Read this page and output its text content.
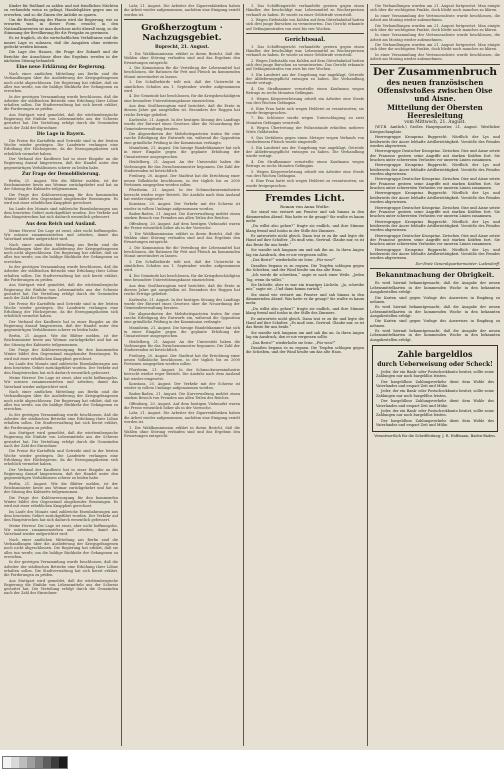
Kinder für Rußland zu zahlen und mit feindlichen Mächten zu verhandeln wenn es gelingt, Handelsplätze gegen uns zu erwerben, und so die Zinsen der Anleihe zu sparen.

Um die Bewilligung des Planes wird die Regierung, wie zu erwarten war, in dieser Form ersucht; in den Nationalkonventen ist man durchaus nicht überall einig, so die Stimmung der Bevölkerung für die Freigabe zu gewinnen.

Es ist fraglich, ob die wirtschaftlichen Verhältnisse und die innere Lage es zulassen, daß die Ausgaben ohne weiteres gedeckt werden können.

Die Lage des Hauses, die Frage der Zukunft und die Berichte der Ausschüsse über das Ergebnis werden in der nächsten Sitzung behandelt.

Eine neue Erklärung der Regierung.

Nach einer amtlichen Mitteilung aus Berlin sind die Verhandlungen über die Auslieferung der Kriegsgefangenen noch nicht abgeschlossen. Die Regierung hat erklärt, daß sie alles tun werde, um die baldige Rückkehr der Gefangenen zu erreichen.

In der gestrigen Versammlung wurde beschlossen, daß die Arbeiter der städtischen Betriebe eine Erhöhung ihrer Löhne erhalten sollen. Die Stadtverwaltung hat sich bereit erklärt, die Forderungen zu prüfen.

Aus Stuttgart wird gemeldet, daß die württembergische Regierung die Einfuhr von Lebensmitteln aus der Schweiz gestattet hat. Die Verteilung erfolgt durch die Gemeinden nach der Zahl der Einwohner.

Die Lage in Bayern.

Die Preise für Kartoffeln und Getreide sind in der letzten Woche wieder gestiegen. Die Landwirte verlangen eine Erhöhung der Höchstpreise, da die Erzeugungskosten sich erheblich vermehrt haben.

Der Verband der Kaufleute hat in einer Eingabe an die Regierung darauf hingewiesen, daß der Handel unter den gegenwärtigen Verhältnissen schwer zu leiden habe.

Zur Frage der Demobilisierung.

Berlin, 21. August. Wie die Blätter melden, ist der Reichsminister heute aus Weimar zurückgekehrt und hat an der Sitzung des Kabinetts teilgenommen.

Die Frage der Kohlenversorgung für den kommenden Winter bildet den Gegenstand eingehender Beratungen. Es wird mit einer erheblichen Knappheit gerechnet.

Im Laufe des Monats sind zahlreiche Eisenbahnwagen aus dem besetzten Gebiet zurückgeführt worden. Der Verkehr auf den Hauptstrecken hat sich dadurch wesentlich gebessert.

Aus dem Reich und Ausland.

Meine Herren! Die Lage ist ernst, aber nicht hoffnungslos. Wir müssen zusammenstehen und arbeiten, damit das Vaterland wieder aufgerichtet wird.

Nach einer amtlichen Mitteilung aus Berlin sind die Verhandlungen über die Auslieferung der Kriegsgefangenen noch nicht abgeschlossen. Die Regierung hat erklärt, daß sie alles tun werde, um die baldige Rückkehr der Gefangenen zu erreichen.

In der gestrigen Versammlung wurde beschlossen, daß die Arbeiter der städtischen Betriebe eine Erhöhung ihrer Löhne erhalten sollen. Die Stadtverwaltung hat sich bereit erklärt, die Forderungen zu prüfen.

Aus Stuttgart wird gemeldet, daß die württembergische Regierung die Einfuhr von Lebensmitteln aus der Schweiz gestattet hat. Die Verteilung erfolgt durch die Gemeinden nach der Zahl der Einwohner.

Die Preise für Kartoffeln und Getreide sind in der letzten Woche wieder gestiegen. Die Landwirte verlangen eine Erhöhung der Höchstpreise, da die Erzeugungskosten sich erheblich vermehrt haben.

Der Verband der Kaufleute hat in einer Eingabe an die Regierung darauf hingewiesen, daß der Handel unter den gegenwärtigen Verhältnissen schwer zu leiden habe.

Berlin, 21. August. Wie die Blätter melden, ist der Reichsminister heute aus Weimar zurückgekehrt und hat an der Sitzung des Kabinetts teilgenommen.

Die Frage der Kohlenversorgung für den kommenden Winter bildet den Gegenstand eingehender Beratungen. Es wird mit einer erheblichen Knappheit gerechnet.

Im Laufe des Monats sind zahlreiche Eisenbahnwagen aus dem besetzten Gebiet zurückgeführt worden. Der Verkehr auf den Hauptstrecken hat sich dadurch wesentlich gebessert.

Meine Herren! Die Lage ist ernst, aber nicht hoffnungslos. Wir müssen zusammenstehen und arbeiten, damit das Vaterland wieder aufgerichtet wird.

Nach einer amtlichen Mitteilung aus Berlin sind die Verhandlungen über die Auslieferung der Kriegsgefangenen noch nicht abgeschlossen. Die Regierung hat erklärt, daß sie alles tun werde, um die baldige Rückkehr der Gefangenen zu erreichen.

In der gestrigen Versammlung wurde beschlossen, daß die Arbeiter der städtischen Betriebe eine Erhöhung ihrer Löhne erhalten sollen. Die Stadtverwaltung hat sich bereit erklärt, die Forderungen zu prüfen.

Aus Stuttgart wird gemeldet, daß die württembergische Regierung die Einfuhr von Lebensmitteln aus der Schweiz gestattet hat. Die Verteilung erfolgt durch die Gemeinden nach der Zahl der Einwohner.

Die Preise für Kartoffeln und Getreide sind in der letzten Woche wieder gestiegen. Die Landwirte verlangen eine Erhöhung der Höchstpreise, da die Erzeugungskosten sich erheblich vermehrt haben.

Der Verband der Kaufleute hat in einer Eingabe an die Regierung darauf hingewiesen, daß der Handel unter den gegenwärtigen Verhältnissen schwer zu leiden habe.

Berlin, 21. August. Wie die Blätter melden, ist der Reichsminister heute aus Weimar zurückgekehrt und hat an der Sitzung des Kabinetts teilgenommen.

Die Frage der Kohlenversorgung für den kommenden Winter bildet den Gegenstand eingehender Beratungen. Es wird mit einer erheblichen Knappheit gerechnet.

Im Laufe des Monats sind zahlreiche Eisenbahnwagen aus dem besetzten Gebiet zurückgeführt worden. Der Verkehr auf den Hauptstrecken hat sich dadurch wesentlich gebessert.

Meine Herren! Die Lage ist ernst, aber nicht hoffnungslos. Wir müssen zusammenstehen und arbeiten, damit das Vaterland wieder aufgerichtet wird.

Nach einer amtlichen Mitteilung aus Berlin sind die Verhandlungen über die Auslieferung der Kriegsgefangenen noch nicht abgeschlossen. Die Regierung hat erklärt, daß sie alles tun werde, um die baldige Rückkehr der Gefangenen zu erreichen.

In der gestrigen Versammlung wurde beschlossen, daß die Arbeiter der städtischen Betriebe eine Erhöhung ihrer Löhne erhalten sollen. Die Stadtverwaltung hat sich bereit erklärt, die Forderungen zu prüfen.

Aus Stuttgart wird gemeldet, daß die württembergische Regierung die Einfuhr von Lebensmitteln aus der Schweiz gestattet hat. Die Verteilung erfolgt durch die Gemeinden nach der Zahl der Einwohner.

Lahr, 21. August. Die Arbeiter der Zigarrenfabriken haben die Arbeit wieder aufgenommen, nachdem eine Einigung erzielt worden ist.

Großherzogtum · Nachzugsgebiet.
Ruprecht, 21. August.

1. Die Wahlkommission erklärt in ihrem Bericht, daß die Wahlen ohne Störung verlaufen sind und das Ergebnis den Erwartungen entspricht.

2. Die Kommission für die Verteilung der Lebensmittel hat beschlossen, die Rationen für Fett und Fleisch im kommenden Monat unverändert zu lassen.

3. Die Schulbehörde teilt mit, daß der Unterricht in sämtlichen Schulen am 1. September wieder aufgenommen wird.

4. Die Gemeinde hat beschlossen, für die Kriegsbeschädigten eine besondere Unterstützungskasse einzurichten.

Aus dem Großherzogtum wird berichtet, daß die Ernte in diesem Jahre gut ausgefallen ist. Besonders der Roggen hat reiche Erträge geliefert.

Karlsruhe, 21. August. In der heutigen Sitzung des Landtags wurde der Entwurf eines Gesetzes über die Neuordnung der Gemeindeverwaltung beraten.

Die Abgeordneten der Mehrheitsparteien traten für eine rasche Erledigung des Entwurfs ein, während die Opposition eine gründliche Prüfung in der Kommission verlangte.

Mannheim, 21. August. Die hiesige Handelskammer hat sich in einer Eingabe gegen die geplante Erhöhung der Umsatzsteuer ausgesprochen.

Heidelberg, 21. August. An der Universität haben die Vorlesungen für das Zwischensemester begonnen. Die Zahl der Studierenden ist beträchtlich.

Freiburg, 20. August. Der Stadtrat hat die Errichtung einer neuen Volksküche beschlossen, in der täglich bis zu 2000 Portionen ausgegeben werden sollen.

Pforzheim, 21. August. In der Schmuckwarenindustrie herrscht wieder reger Betrieb. Die Ausfuhr nach dem Ausland hat wieder eingesetzt.

Konstanz, 20. August. Der Verkehr mit der Schweiz ist wieder in vollem Umfange aufgenommen worden.

Baden-Baden, 21. August. Die Kurverwaltung meldet einen starken Besuch von Fremden aus allen Teilen des Reiches.

Offenburg, 20. August. Auf dem heutigen Viehmarkt waren die Preise wesentlich höher als in der Vorwoche.

1. Die Wahlkommission erklärt in ihrem Bericht, daß die Wahlen ohne Störung verlaufen sind und das Ergebnis den Erwartungen entspricht.

2. Die Kommission für die Verteilung der Lebensmittel hat beschlossen, die Rationen für Fett und Fleisch im kommenden Monat unverändert zu lassen.

3. Die Schulbehörde teilt mit, daß der Unterricht in sämtlichen Schulen am 1. September wieder aufgenommen wird.

4. Die Gemeinde hat beschlossen, für die Kriegsbeschädigten eine besondere Unterstützungskasse einzurichten.

Aus dem Großherzogtum wird berichtet, daß die Ernte in diesem Jahre gut ausgefallen ist. Besonders der Roggen hat reiche Erträge geliefert.

Karlsruhe, 21. August. In der heutigen Sitzung des Landtags wurde der Entwurf eines Gesetzes über die Neuordnung der Gemeindeverwaltung beraten.

Die Abgeordneten der Mehrheitsparteien traten für eine rasche Erledigung des Entwurfs ein, während die Opposition eine gründliche Prüfung in der Kommission verlangte.

Mannheim, 21. August. Die hiesige Handelskammer hat sich in einer Eingabe gegen die geplante Erhöhung der Umsatzsteuer ausgesprochen.

Heidelberg, 21. August. An der Universität haben die Vorlesungen für das Zwischensemester begonnen. Die Zahl der Studierenden ist beträchtlich.

Freiburg, 20. August. Der Stadtrat hat die Errichtung einer neuen Volksküche beschlossen, in der täglich bis zu 2000 Portionen ausgegeben werden sollen.

Pforzheim, 21. August. In der Schmuckwarenindustrie herrscht wieder reger Betrieb. Die Ausfuhr nach dem Ausland hat wieder eingesetzt.

Konstanz, 20. August. Der Verkehr mit der Schweiz ist wieder in vollem Umfange aufgenommen worden.

Baden-Baden, 21. August. Die Kurverwaltung meldet einen starken Besuch von Fremden aus allen Teilen des Reiches.

Offenburg, 20. August. Auf dem heutigen Viehmarkt waren die Preise wesentlich höher als in der Vorwoche.

Lahr, 21. August. Die Arbeiter der Zigarrenfabriken haben die Arbeit wieder aufgenommen, nachdem eine Einigung erzielt worden ist.

1. Die Wahlkommission erklärt in ihrem Bericht, daß die Wahlen ohne Störung verlaufen sind und das Ergebnis den Erwartungen entspricht.

1. Das Schöffengericht verhandelte gestern gegen einen Händler, der beschuldigt war, Lebensmittel zu Wucherpreisen verkauft zu haben. Er wurde zu einer Geldstrafe verurteilt.

2. Wegen Diebstahls von Kohlen auf dem Güterbahnhof hatten sich drei junge Burschen zu verantworten. Das Gericht erkannte auf Gefängnisstrafen von zwei bis vier Wochen.

Gerichtssaal.

1. Das Schöffengericht verhandelte gestern gegen einen Händler, der beschuldigt war, Lebensmittel zu Wucherpreisen verkauft zu haben. Er wurde zu einer Geldstrafe verurteilt.

2. Wegen Diebstahls von Kohlen auf dem Güterbahnhof hatten sich drei junge Burschen zu verantworten. Das Gericht erkannte auf Gefängnisstrafen von zwei bis vier Wochen.

3. Ein Landwirt aus der Umgebung war angeklagt, Getreide der Ablieferungspflicht entzogen zu haben. Die Verhandlung wurde vertagt.

4. Die Strafkammer verurteilte einen Kaufmann wegen Betrugs zu sechs Monaten Gefängnis.

5. Wegen Körperverletzung erhielt ein Arbeiter eine Strafe von drei Wochen Gefängnis.

6. Eine Frau hatte sich wegen Hehlerei zu verantworten; sie wurde freigesprochen.

7. Ein Schlosser wurde wegen Unterschlagung zu zwei Monaten Gefängnis verurteilt.

8. Wegen Übertretung der Polizeistunde erhielten mehrere Wirte Geldstrafen.

9. Das Verfahren gegen einen Metzger wegen Verkaufs von verdorbenem Fleisch wurde eingestellt.

3. Ein Landwirt aus der Umgebung war angeklagt, Getreide der Ablieferungspflicht entzogen zu haben. Die Verhandlung wurde vertagt.

4. Die Strafkammer verurteilte einen Kaufmann wegen Betrugs zu sechs Monaten Gefängnis.

5. Wegen Körperverletzung erhielt ein Arbeiter eine Strafe von drei Wochen Gefängnis.

6. Eine Frau hatte sich wegen Hehlerei zu verantworten; sie wurde freigesprochen.

Fremdes Licht.
Roman von Anna Wothe.

Sie stand wie erstarrt am Fenster und sah hinaus in den dämmernden Abend. Was hatte er ihr gesagt? Sie wußte es kaum mehr.

„Du willst also gehen?“ fragte sie endlich, und ihre Stimme klang fremd und tonlos in der Stille des Zimmers.

Er antwortete nicht gleich. Dann trat er zu ihr und legte die Hand auf ihre Schulter. „Es muß sein, Gertrud. Glaube mir, es ist das Beste für uns beide.“

Sie wandte sich langsam um und sah ihn an. In ihren Augen lag ein Ausdruck, den er nie vergessen sollte.

„Das Beste?“ wiederholte sie leise. „Für wen?“

Draußen begann es zu regnen. Die Tropfen schlugen gegen die Scheiben, und der Wind heulte um das alte Haus.

„Ich werde dir schreiben,“ sagte er nach einer Weile. „Jeden Tag, wenn du willst.“

Sie lächelte, aber es war ein trauriges Lächeln. „Ja, schreibe mir,“ sagte sie. „Und dann komm zurück.“

Sie stand wie erstarrt am Fenster und sah hinaus in den dämmernden Abend. Was hatte er ihr gesagt? Sie wußte es kaum mehr.

„Du willst also gehen?“ fragte sie endlich, und ihre Stimme klang fremd und tonlos in der Stille des Zimmers.

Er antwortete nicht gleich. Dann trat er zu ihr und legte die Hand auf ihre Schulter. „Es muß sein, Gertrud. Glaube mir, es ist das Beste für uns beide.“

Sie wandte sich langsam um und sah ihn an. In ihren Augen lag ein Ausdruck, den er nie vergessen sollte.

„Das Beste?“ wiederholte sie leise. „Für wen?“

Draußen begann es zu regnen. Die Tropfen schlugen gegen die Scheiben, und der Wind heulte um das alte Haus.

Die Verhandlungen wurden am 21. August fortgesetzt. Man einigte sich über die wichtigsten Punkte, doch bleibt noch manches zu klären.

In einer Versammlung der Vertrauensleute wurde beschlossen, die Arbeit am Montag wieder aufzunehmen.

Die Verhandlungen wurden am 21. August fortgesetzt. Man einigte sich über die wichtigsten Punkte, doch bleibt noch manches zu klären.

In einer Versammlung der Vertrauensleute wurde beschlossen, die Arbeit am Montag wieder aufzunehmen.

Die Verhandlungen wurden am 21. August fortgesetzt. Man einigte sich über die wichtigsten Punkte, doch bleibt noch manches zu klären.

In einer Versammlung der Vertrauensleute wurde beschlossen, die Arbeit am Montag wieder aufzunehmen.

Der Zusammenbruch
des neuen französischen Offensivstoßes zwischen Oise und Aisne.
Mitteilung der Obersten Heeresleitung
vom Mittwoch, 21. August.

(W.T.B. Amtlich.) Großes Hauptquartier, 21. August. Westlicher Kriegsschauplatz.

Heeresgruppe Kronprinz Rupprecht. Nördlich der Lys und beiderseits der Ancre lebhafte Artillerietätigkeit. Vorstöße des Feindes wurden abgewiesen.

Heeresgruppe Deutscher Kronprinz. Zwischen Oise und Aisne setzte der Franzose gestern seine Angriffe mit starken Kräften fort. Sie brachen unter schwersten Verlusten vor unseren Linien zusammen.

Heeresgruppe Kronprinz Rupprecht. Nördlich der Lys und beiderseits der Ancre lebhafte Artillerietätigkeit. Vorstöße des Feindes wurden abgewiesen.

Heeresgruppe Deutscher Kronprinz. Zwischen Oise und Aisne setzte der Franzose gestern seine Angriffe mit starken Kräften fort. Sie brachen unter schwersten Verlusten vor unseren Linien zusammen.

Heeresgruppe Kronprinz Rupprecht. Nördlich der Lys und beiderseits der Ancre lebhafte Artillerietätigkeit. Vorstöße des Feindes wurden abgewiesen.

Heeresgruppe Deutscher Kronprinz. Zwischen Oise und Aisne setzte der Franzose gestern seine Angriffe mit starken Kräften fort. Sie brachen unter schwersten Verlusten vor unseren Linien zusammen.

Heeresgruppe Kronprinz Rupprecht. Nördlich der Lys und beiderseits der Ancre lebhafte Artillerietätigkeit. Vorstöße des Feindes wurden abgewiesen.

Heeresgruppe Deutscher Kronprinz. Zwischen Oise und Aisne setzte der Franzose gestern seine Angriffe mit starken Kräften fort. Sie brachen unter schwersten Verlusten vor unseren Linien zusammen.

Heeresgruppe Kronprinz Rupprecht. Nördlich der Lys und beiderseits der Ancre lebhafte Artillerietätigkeit. Vorstöße des Feindes wurden abgewiesen.

Der Erste Generalquartiermeister: Ludendorff.

Bekanntmachung der Obrigkeit.

Es wird hiermit bekanntgemacht, daß die Ausgabe der neuen Lebensmittelkarten in der kommenden Woche in den bekannten Ausgabestellen erfolgt.

Die Karten sind gegen Vorlage des Ausweises in Empfang zu nehmen.

Es wird hiermit bekanntgemacht, daß die Ausgabe der neuen Lebensmittelkarten in der kommenden Woche in den bekannten Ausgabestellen erfolgt.

Die Karten sind gegen Vorlage des Ausweises in Empfang zu nehmen.

Es wird hiermit bekanntgemacht, daß die Ausgabe der neuen Lebensmittelkarten in der kommenden Woche in den bekannten Ausgabestellen erfolgt.

Zahle bargeldlos
durch Ueberweisung oder Scheck!

Jeder, der ein Bank- oder Postscheckkonto besitzt, sollte seine Zahlungen nur noch bargeldlos leisten.

Der bargeldlose Zahlungsverkehr dient dem Wohle des Vaterlandes und erspart Zeit und Mühe.

Jeder, der ein Bank- oder Postscheckkonto besitzt, sollte seine Zahlungen nur noch bargeldlos leisten.

Der bargeldlose Zahlungsverkehr dient dem Wohle des Vaterlandes und erspart Zeit und Mühe.

Jeder, der ein Bank- oder Postscheckkonto besitzt, sollte seine Zahlungen nur noch bargeldlos leisten.

Der bargeldlose Zahlungsverkehr dient dem Wohle des Vaterlandes und erspart Zeit und Mühe.

Verantwortlich für die Schriftleitung: J. R. Hoffmann, Baden-Baden.
